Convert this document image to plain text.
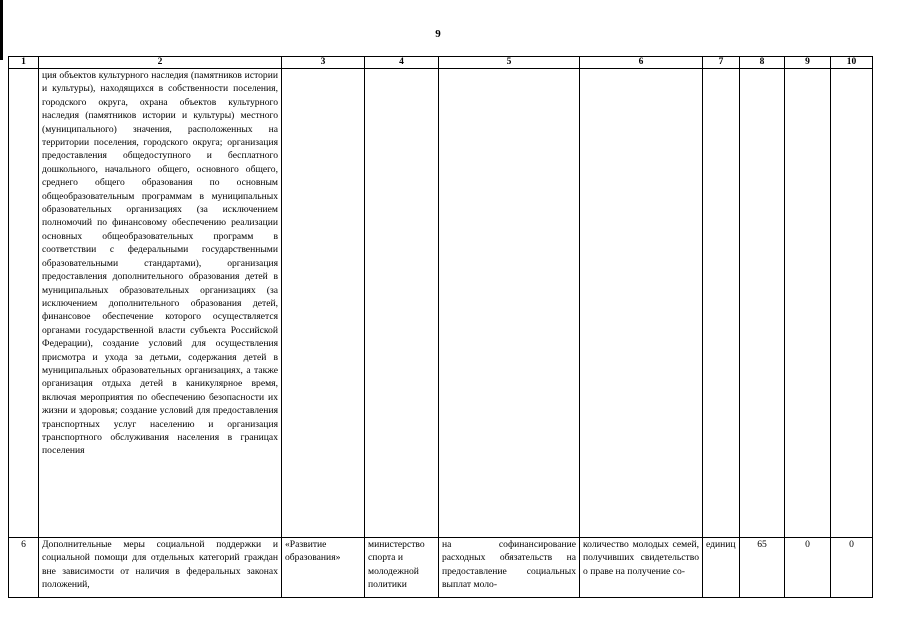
9
1	2	3	4	5	6	7	8	9	10
	ция объектов культурного наследия (памятников истории и культуры), находящихся в собственности поселения, городского округа, охрана объектов культурного наследия (памятников истории и культуры) местного (муниципального) значения, расположенных на территории поселения, городского округа; организация предоставления общедоступного и бесплатного дошкольного, начального общего, основного общего, среднего общего образования по основным общеобразовательным программам в муниципальных образовательных организациях (за исключением полномочий по финансовому обеспечению реализации основных общеобразовательных программ в соответствии с федеральными государственными образовательными стандартами), организация предоставления дополнительного образования детей в муниципальных образовательных организациях (за исключением дополнительного образования детей, финансовое обеспечение которого осуществляется органами государственной власти субъекта Российской Федерации), создание условий для осуществления присмотра и ухода за детьми, содержания детей в муниципальных образовательных организациях, а также организация отдыха детей в каникулярное время, включая мероприятия по обеспечению безопасности их жизни и здоровья; создание условий для предоставления транспортных услуг населению и организация транспортного обслуживания населения в границах поселения								
6	Дополнительные меры социальной поддержки и социальной помощи для отдельных категорий граждан вне зависимости от наличия в федеральных законах положений,	«Развитие образования»	министерство спорта и молодежной политики	на софинансирование расходных обязательств на предоставление социальных выплат моло-	количество молодых семей, получивших свидетельство о праве на получение со-	единиц	65	0	0
